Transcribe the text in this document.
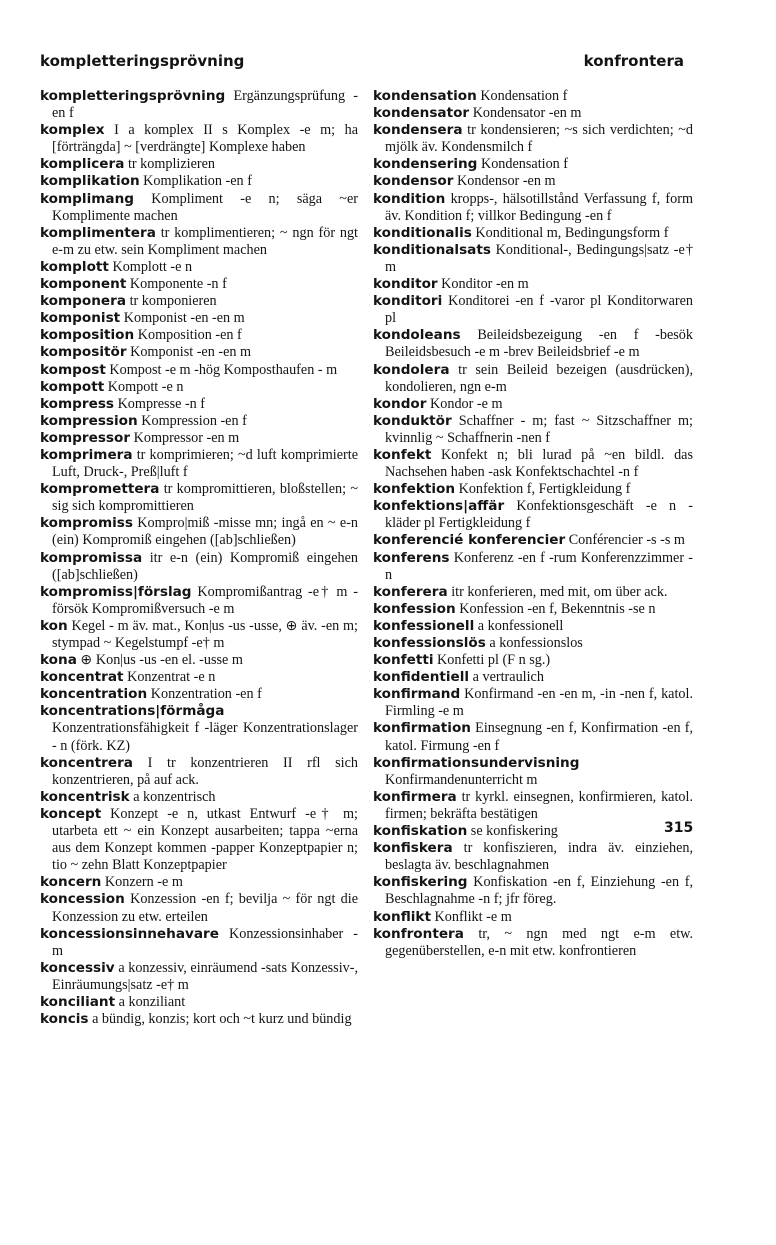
kompletteringsprövning	konfrontera

kompletteringsprövning Ergänzungsprüfung -en f

komplex I a komplex II s Komplex -e m; ha [förträngda] ~ [verdrängte] Komplexe haben

komplicera tr komplizieren

komplikation Komplikation -en f

komplimang Kompliment -e n; säga ~er Komplimente machen

komplimentera tr komplimentieren; ~ ngn för ngt e-m zu etw. sein Kompliment machen

komplott Komplott -e n

komponent Komponente -n f

komponera tr komponieren

komponist Komponist -en -en m

komposition Komposition -en f

kompositör Komponist -en -en m

kompost Kompost -e m -hög Komposthaufen - m

kompott Kompott -e n

kompress Kompresse -n f

kompression Kompression -en f

kompressor Kompressor -en m

komprimera tr komprimieren; ~d luft komprimierte Luft, Druck-, Preß|luft f

kompromettera tr kompromittieren, bloßstellen; ~ sig sich kompromittieren

kompromiss Kompro|miß -misse mn; ingå en ~ e-n (ein) Kompromiß eingehen ([ab]schließen)

kompromissa itr e-n (ein) Kompromiß eingehen ([ab]schließen)

kompromiss|förslag Kompromißantrag -e† m -försök Kompromißversuch -e m

kon Kegel - m äv. mat., Kon|us -us -usse, ⊕ äv. -en m; stympad ~ Kegelstumpf -e† m

kona ⊕ Kon|us -us -en el. -usse m

koncentrat Konzentrat -e n

koncentration Konzentration -en f

koncentrations|förmåga Konzentrationsfähigkeit f -läger Konzentrationslager - n (förk. KZ)

koncentrera I tr konzentrieren II rfl sich konzentrieren, på auf ack.

koncentrisk a konzentrisch

koncept Konzept -e n, utkast Entwurf -e† m; utarbeta ett ~ ein Konzept ausarbeiten; tappa ~erna aus dem Konzept kommen -papper Konzeptpapier n; tio ~ zehn Blatt Konzeptpapier

koncern Konzern -e m

koncession Konzession -en f; bevilja ~ för ngt die Konzession zu etw. erteilen

koncessionsinnehavare Konzessionsinhaber - m

koncessiv a konzessiv, einräumend -sats Konzessiv-, Einräumungs|satz -e† m

konciliant a konziliant

koncis a bündig, konzis; kort och ~t kurz und bündig

kondensation Kondensation f

kondensator Kondensator -en m

kondensera tr kondensieren; ~s sich verdichten; ~d mjölk äv. Kondensmilch f

kondensering Kondensation f

kondensor Kondensor -en m

kondition kropps-, hälsotillstånd Verfassung f, form äv. Kondition f; villkor Bedingung -en f

konditionalis Konditional m, Bedingungsform f

konditionalsats Konditional-, Bedingungs|satz -e† m

konditor Konditor -en m

konditori Konditorei -en f -varor pl Konditorwaren pl

kondoleans Beileidsbezeigung -en f -besök Beileidsbesuch -e m -brev Beileidsbrief -e m

kondolera tr sein Beileid bezeigen (ausdrücken), kondolieren, ngn e-m

kondor Kondor -e m

konduktör Schaffner - m; fast ~ Sitzschaffner m; kvinnlig ~ Schaffnerin -nen f

konfekt Konfekt n; bli lurad på ~en bildl. das Nachsehen haben -ask Konfektschachtel -n f

konfektion Konfektion f, Fertigkleidung f

konfektions|affär Konfektionsgeschäft -e n -kläder pl Fertigkleidung f

konferencié konferencier Conférencier -s -s m

konferens Konferenz -en f -rum Konferenzzimmer - n

konferera itr konferieren, med mit, om über ack.

konfession Konfession -en f, Bekenntnis -se n

konfessionell a konfessionell

konfessionslös a konfessionslos

konfetti Konfetti pl (F n sg.)

konfidentiell a vertraulich

konfirmand Konfirmand -en -en m, -in -nen f, katol. Firmling -e m

konfirmation Einsegnung -en f, Konfirmation -en f, katol. Firmung -en f

konfirmationsundervisning Konfirmandenunterricht m

konfirmera tr kyrkl. einsegnen, konfirmieren, katol. firmen; bekräfta bestätigen

konfiskation se konfiskering

konfiskera tr konfiszieren, indra äv. einziehen, beslagta äv. beschlagnahmen

konfiskering Konfiskation -en f, Einziehung -en f, Beschlagnahme -n f; jfr föreg.

konflikt Konflikt -e m

konfrontera tr, ~ ngn med ngt e-m etw. gegenüberstellen, e-n mit etw. konfrontieren

315
